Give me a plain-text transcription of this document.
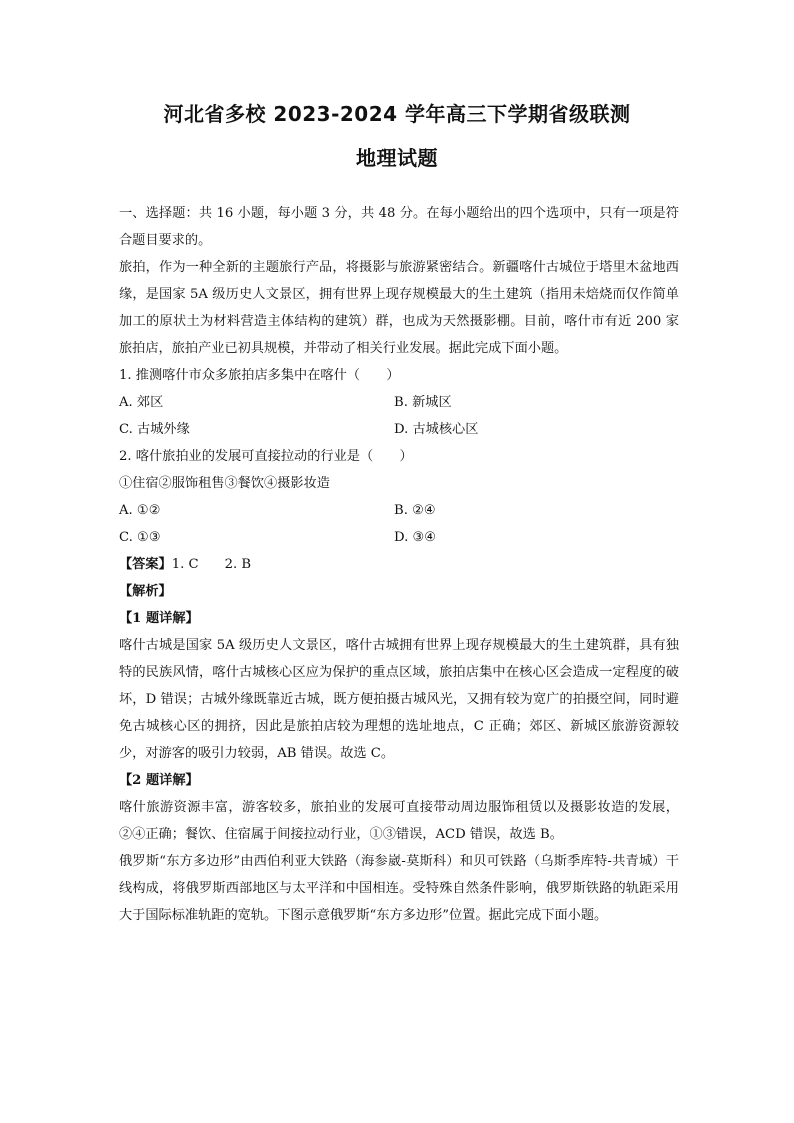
河北省多校 2023-2024 学年高三下学期省级联测
地理试题

一、选择题：共 16 小题，每小题 3 分，共 48 分。在每小题给出的四个选项中，只有一项是符合题目要求的。

旅拍，作为一种全新的主题旅行产品，将摄影与旅游紧密结合。新疆喀什古城位于塔里木盆地西缘，是国家 5A 级历史人文景区，拥有世界上现存规模最大的生土建筑（指用未焙烧而仅作简单加工的原状土为材料营造主体结构的建筑）群，也成为天然摄影棚。目前，喀什市有近 200 家旅拍店，旅拍产业已初具规模，并带动了相关行业发展。据此完成下面小题。

1. 推测喀什市众多旅拍店多集中在喀什（　　）

A. 郊区	B. 新城区
C. 古城外缘	D. 古城核心区

2. 喀什旅拍业的发展可直接拉动的行业是（　　）

①住宿②服饰租售③餐饮④摄影妆造

A. ①②	B. ②④
C. ①③	D. ③④

【答案】1. C 2. B

【解析】

【1 题详解】

喀什古城是国家 5A 级历史人文景区，喀什古城拥有世界上现存规模最大的生土建筑群，具有独特的民族风情，喀什古城核心区应为保护的重点区域，旅拍店集中在核心区会造成一定程度的破坏，D 错误；古城外缘既靠近古城，既方便拍摄古城风光，又拥有较为宽广的拍摄空间，同时避免古城核心区的拥挤，因此是旅拍店较为理想的选址地点，C 正确；郊区、新城区旅游资源较少，对游客的吸引力较弱，AB 错误。故选 C。

【2 题详解】

喀什旅游资源丰富，游客较多，旅拍业的发展可直接带动周边服饰租赁以及摄影妆造的发展，②④正确；餐饮、住宿属于间接拉动行业，①③错误，ACD 错误，故选 B。

俄罗斯“东方多边形”由西伯利亚大铁路（海参崴-莫斯科）和贝可铁路（乌斯季库特-共青城）干线构成，将俄罗斯西部地区与太平洋和中国相连。受特殊自然条件影响，俄罗斯铁路的轨距采用大于国际标准轨距的宽轨。下图示意俄罗斯“东方多边形”位置。据此完成下面小题。
